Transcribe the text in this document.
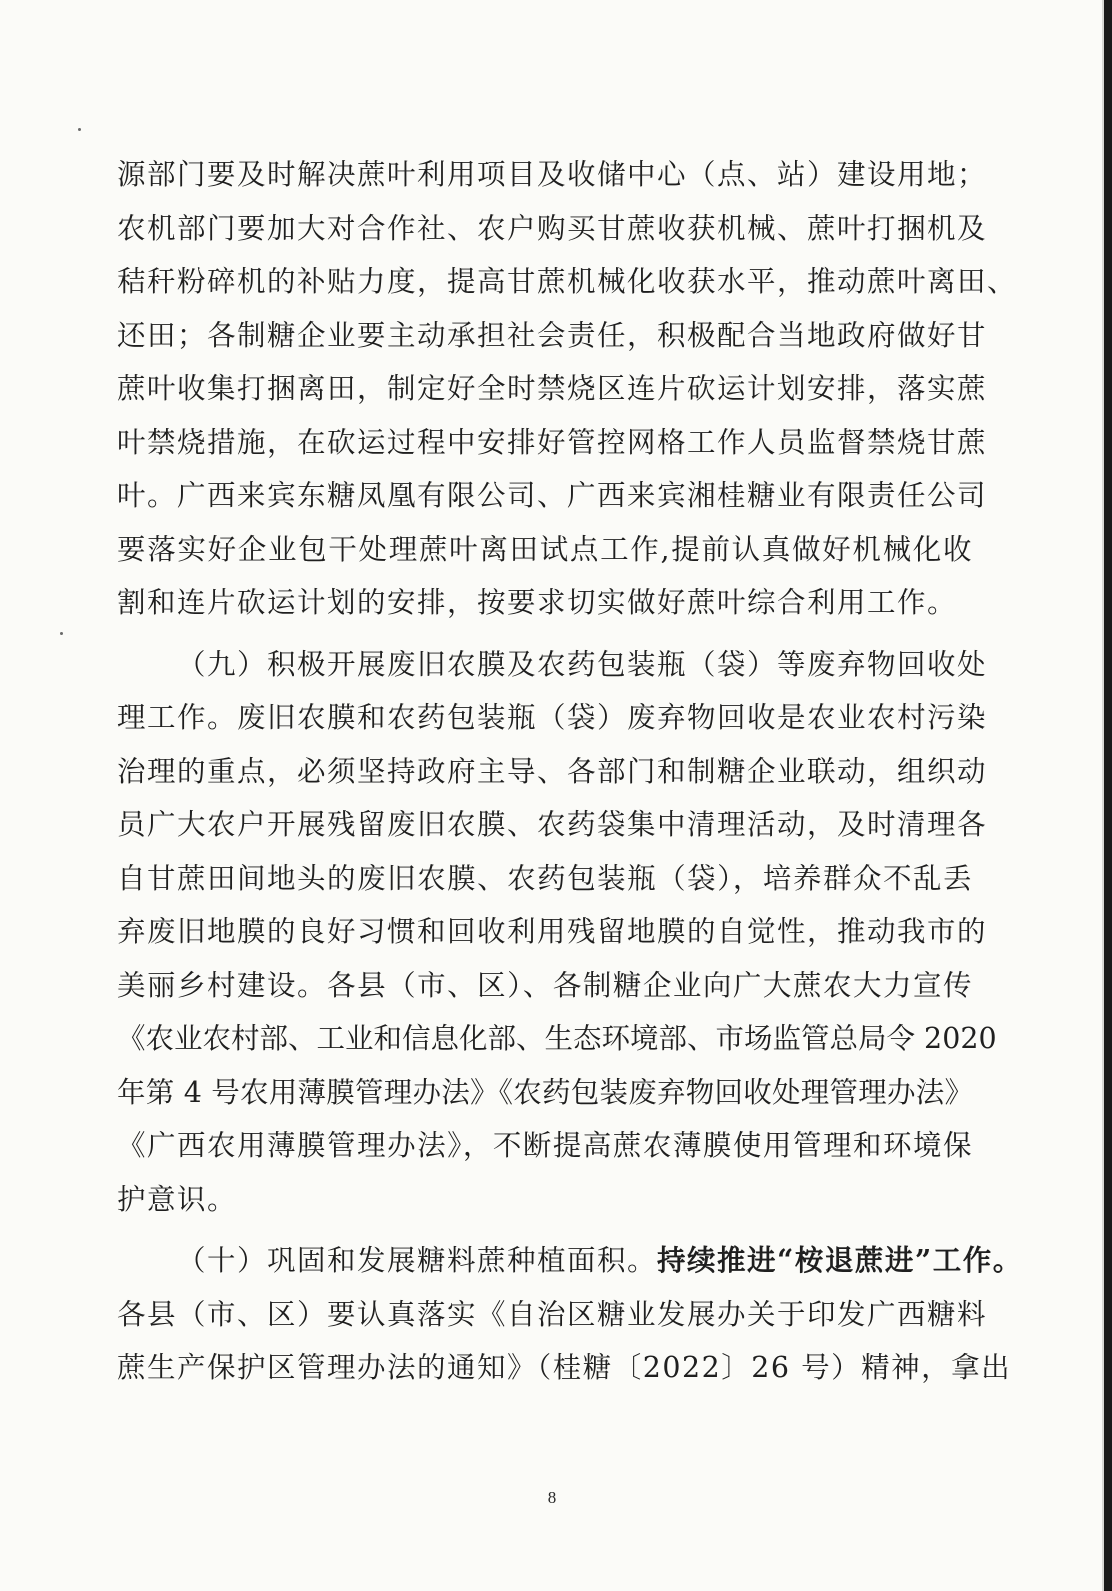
源部门要及时解决蔗叶利用项目及收储中心（点、站）建设用地；
农机部门要加大对合作社、农户购买甘蔗收获机械、蔗叶打捆机及
秸秆粉碎机的补贴力度，提高甘蔗机械化收获水平，推动蔗叶离田、
还田；各制糖企业要主动承担社会责任，积极配合当地政府做好甘
蔗叶收集打捆离田，制定好全时禁烧区连片砍运计划安排，落实蔗
叶禁烧措施，在砍运过程中安排好管控网格工作人员监督禁烧甘蔗
叶。广西来宾东糖凤凰有限公司、广西来宾湘桂糖业有限责任公司
要落实好企业包干处理蔗叶离田试点工作,提前认真做好机械化收
割和连片砍运计划的安排，按要求切实做好蔗叶综合利用工作。
（九）积极开展废旧农膜及农药包装瓶（袋）等废弃物回收处
理工作。废旧农膜和农药包装瓶（袋）废弃物回收是农业农村污染
治理的重点，必须坚持政府主导、各部门和制糖企业联动，组织动
员广大农户开展残留废旧农膜、农药袋集中清理活动，及时清理各
自甘蔗田间地头的废旧农膜、农药包装瓶（袋），培养群众不乱丢
弃废旧地膜的良好习惯和回收利用残留地膜的自觉性，推动我市的
美丽乡村建设。各县（市、区）、各制糖企业向广大蔗农大力宣传
《农业农村部、工业和信息化部、生态环境部、市场监管总局令 2020
年第 4 号农用薄膜管理办法》《农药包装废弃物回收处理管理办法》
《广西农用薄膜管理办法》，不断提高蔗农薄膜使用管理和环境保
护意识。
（十）巩固和发展糖料蔗种植面积。持续推进“桉退蔗进”工作。
各县（市、区）要认真落实《自治区糖业发展办关于印发广西糖料
蔗生产保护区管理办法的通知》（桂糖〔2022〕26 号）精神，拿出
8
